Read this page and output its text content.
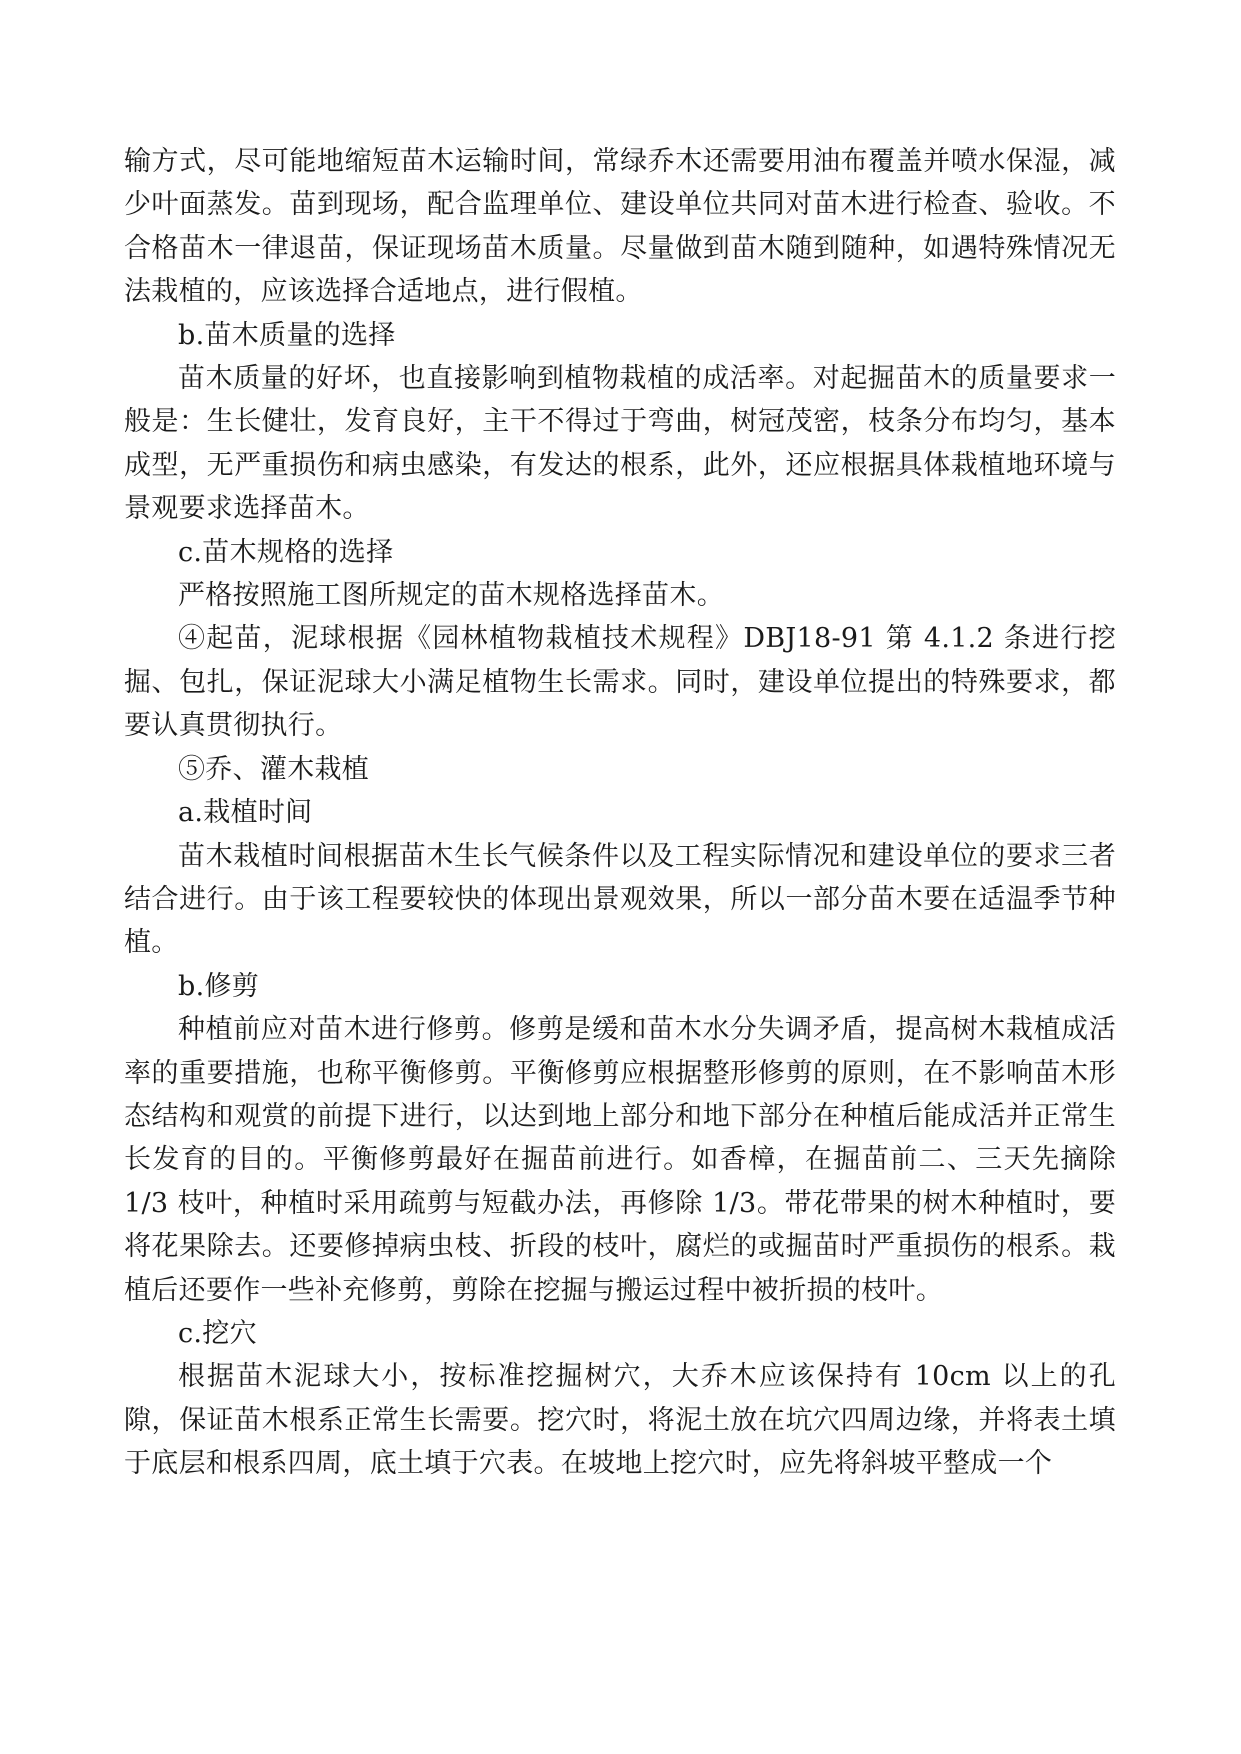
输方式，尽可能地缩短苗木运输时间，常绿乔木还需要用油布覆盖并喷水保湿，减少叶面蒸发。苗到现场，配合监理单位、建设单位共同对苗木进行检查、验收。不合格苗木一律退苗，保证现场苗木质量。尽量做到苗木随到随种，如遇特殊情况无法栽植的，应该选择合适地点，进行假植。

b.苗木质量的选择

苗木质量的好坏，也直接影响到植物栽植的成活率。对起掘苗木的质量要求一般是：生长健壮，发育良好，主干不得过于弯曲，树冠茂密，枝条分布均匀，基本成型，无严重损伤和病虫感染，有发达的根系，此外，还应根据具体栽植地环境与景观要求选择苗木。

c.苗木规格的选择

严格按照施工图所规定的苗木规格选择苗木。

④起苗，泥球根据《园林植物栽植技术规程》DBJ18-91 第 4.1.2 条进行挖掘、包扎，保证泥球大小满足植物生长需求。同时，建设单位提出的特殊要求，都要认真贯彻执行。

⑤乔、灌木栽植

a.栽植时间

苗木栽植时间根据苗木生长气候条件以及工程实际情况和建设单位的要求三者结合进行。由于该工程要较快的体现出景观效果，所以一部分苗木要在适温季节种植。

b.修剪

种植前应对苗木进行修剪。修剪是缓和苗木水分失调矛盾，提高树木栽植成活率的重要措施，也称平衡修剪。平衡修剪应根据整形修剪的原则，在不影响苗木形态结构和观赏的前提下进行，以达到地上部分和地下部分在种植后能成活并正常生长发育的目的。平衡修剪最好在掘苗前进行。如香樟，在掘苗前二、三天先摘除 1/3 枝叶，种植时采用疏剪与短截办法，再修除 1/3。带花带果的树木种植时，要将花果除去。还要修掉病虫枝、折段的枝叶，腐烂的或掘苗时严重损伤的根系。栽植后还要作一些补充修剪，剪除在挖掘与搬运过程中被折损的枝叶。

c.挖穴

根据苗木泥球大小，按标准挖掘树穴，大乔木应该保持有 10cm 以上的孔隙，保证苗木根系正常生长需要。挖穴时，将泥土放在坑穴四周边缘，并将表土填于底层和根系四周，底土填于穴表。在坡地上挖穴时，应先将斜坡平整成一个
